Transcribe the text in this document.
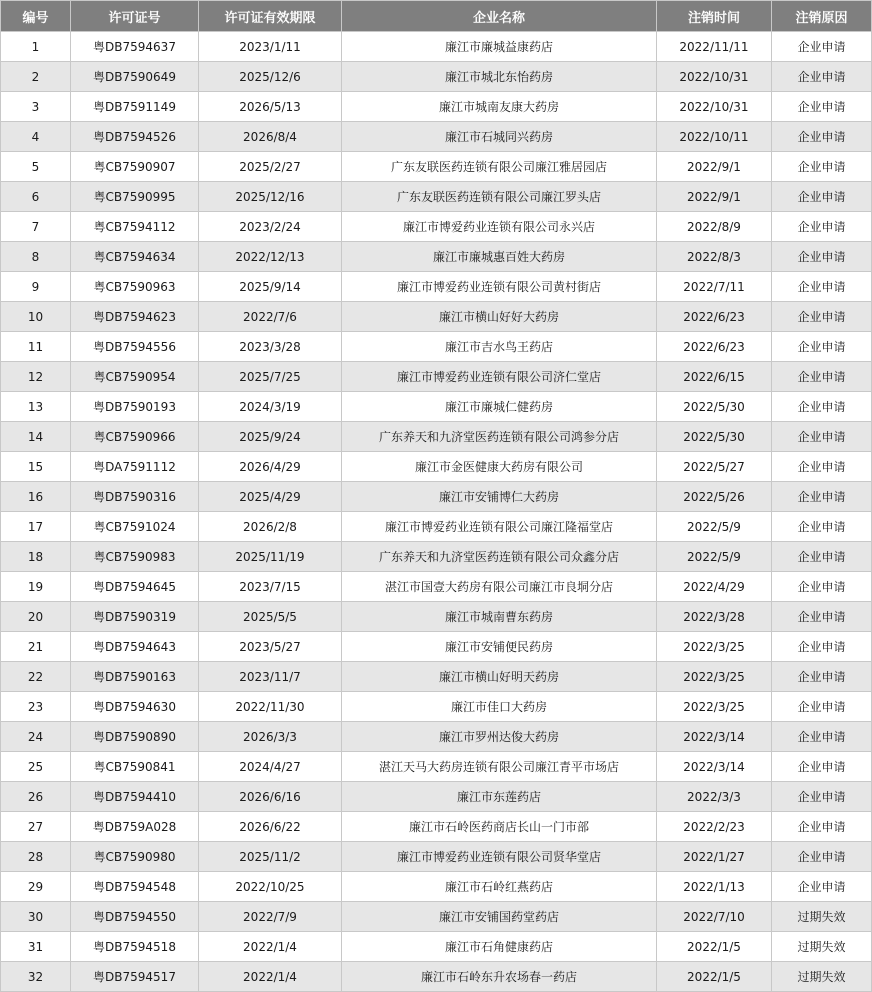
编号	许可证号	许可证有效期限	企业名称	注销时间	注销原因
1	粤DB7594637	2023/1/11	廉江市廉城益康药店	2022/11/11	企业申请
2	粤DB7590649	2025/12/6	廉江市城北东怡药房	2022/10/31	企业申请
3	粤DB7591149	2026/5/13	廉江市城南友康大药房	2022/10/31	企业申请
4	粤DB7594526	2026/8/4	廉江市石城同兴药房	2022/10/11	企业申请
5	粤CB7590907	2025/2/27	广东友联医药连锁有限公司廉江雅居园店	2022/9/1	企业申请
6	粤CB7590995	2025/12/16	广东友联医药连锁有限公司廉江罗头店	2022/9/1	企业申请
7	粤CB7594112	2023/2/24	廉江市博爱药业连锁有限公司永兴店	2022/8/9	企业申请
8	粤CB7594634	2022/12/13	廉江市廉城惠百姓大药房	2022/8/3	企业申请
9	粤CB7590963	2025/9/14	廉江市博爱药业连锁有限公司黄村街店	2022/7/11	企业申请
10	粤DB7594623	2022/7/6	廉江市横山好好大药房	2022/6/23	企业申请
11	粤DB7594556	2023/3/28	廉江市吉水鸟王药店	2022/6/23	企业申请
12	粤CB7590954	2025/7/25	廉江市博爱药业连锁有限公司济仁堂店	2022/6/15	企业申请
13	粤DB7590193	2024/3/19	廉江市廉城仁健药房	2022/5/30	企业申请
14	粤CB7590966	2025/9/24	广东养天和九济堂医药连锁有限公司鸿参分店	2022/5/30	企业申请
15	粤DA7591112	2026/4/29	廉江市金医健康大药房有限公司	2022/5/27	企业申请
16	粤DB7590316	2025/4/29	廉江市安铺博仁大药房	2022/5/26	企业申请
17	粤CB7591024	2026/2/8	廉江市博爱药业连锁有限公司廉江隆福堂店	2022/5/9	企业申请
18	粤CB7590983	2025/11/19	广东养天和九济堂医药连锁有限公司众鑫分店	2022/5/9	企业申请
19	粤DB7594645	2023/7/15	湛江市国壹大药房有限公司廉江市良垌分店	2022/4/29	企业申请
20	粤DB7590319	2025/5/5	廉江市城南曹东药房	2022/3/28	企业申请
21	粤DB7594643	2023/5/27	廉江市安铺便民药房	2022/3/25	企业申请
22	粤DB7590163	2023/11/7	廉江市横山好明天药房	2022/3/25	企业申请
23	粤DB7594630	2022/11/30	廉江市佳口大药房	2022/3/25	企业申请
24	粤DB7590890	2026/3/3	廉江市罗州达俊大药房	2022/3/14	企业申请
25	粤CB7590841	2024/4/27	湛江天马大药房连锁有限公司廉江青平市场店	2022/3/14	企业申请
26	粤DB7594410	2026/6/16	廉江市东莲药店	2022/3/3	企业申请
27	粤DB759A028	2026/6/22	廉江市石岭医药商店长山一门市部	2022/2/23	企业申请
28	粤CB7590980	2025/11/2	廉江市博爱药业连锁有限公司贤华堂店	2022/1/27	企业申请
29	粤DB7594548	2022/10/25	廉江市石岭红燕药店	2022/1/13	企业申请
30	粤DB7594550	2022/7/9	廉江市安铺国药堂药店	2022/7/10	过期失效
31	粤DB7594518	2022/1/4	廉江市石角健康药店	2022/1/5	过期失效
32	粤DB7594517	2022/1/4	廉江市石岭东升农场春一药店	2022/1/5	过期失效
